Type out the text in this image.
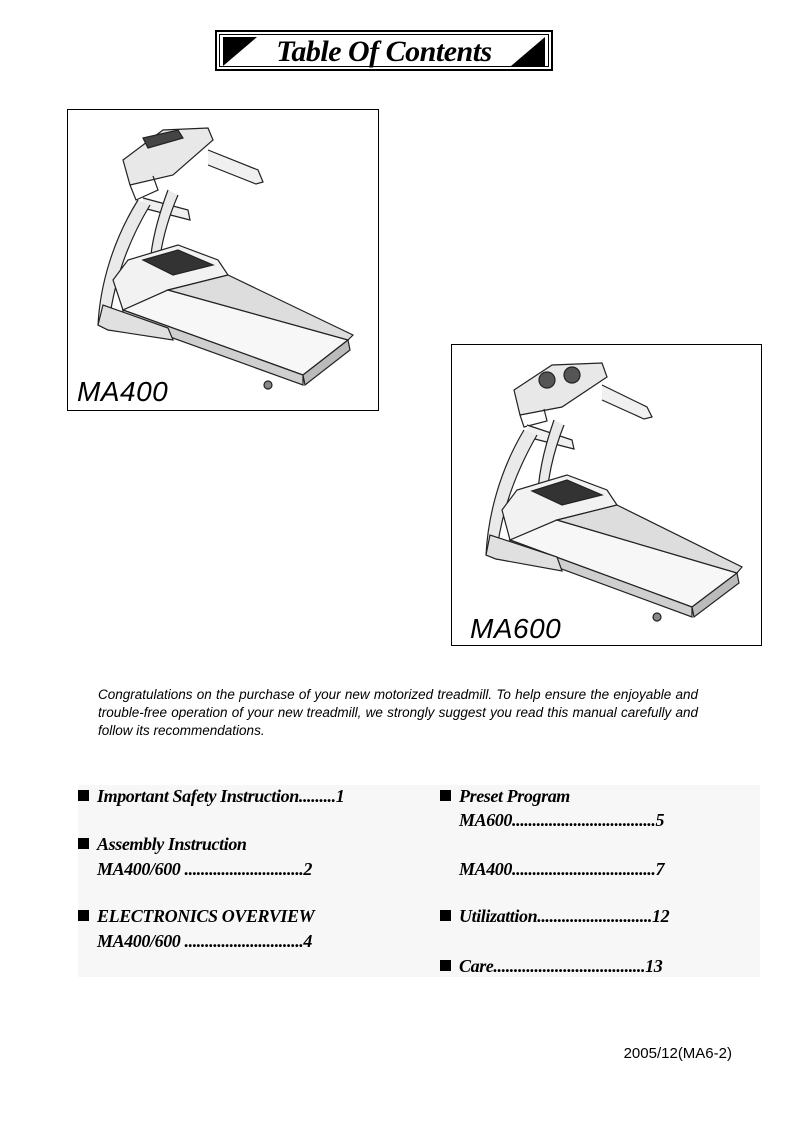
Table Of Contents
MA400
MA600
Congratulations on the purchase of your new motorized treadmill. To help ensure the enjoyable and trouble-free operation of your new treadmill, we strongly suggest you read this manual carefully and follow its recommendations.
Important Safety Instruction.........1
Assembly Instruction
MA400/600 .............................2
ELECTRONICS OVERVIEW
MA400/600 .............................4
Preset Program
MA600...................................5
MA400...................................7
Utilizattion............................12
Care.....................................13
2005/12(MA6-2)
